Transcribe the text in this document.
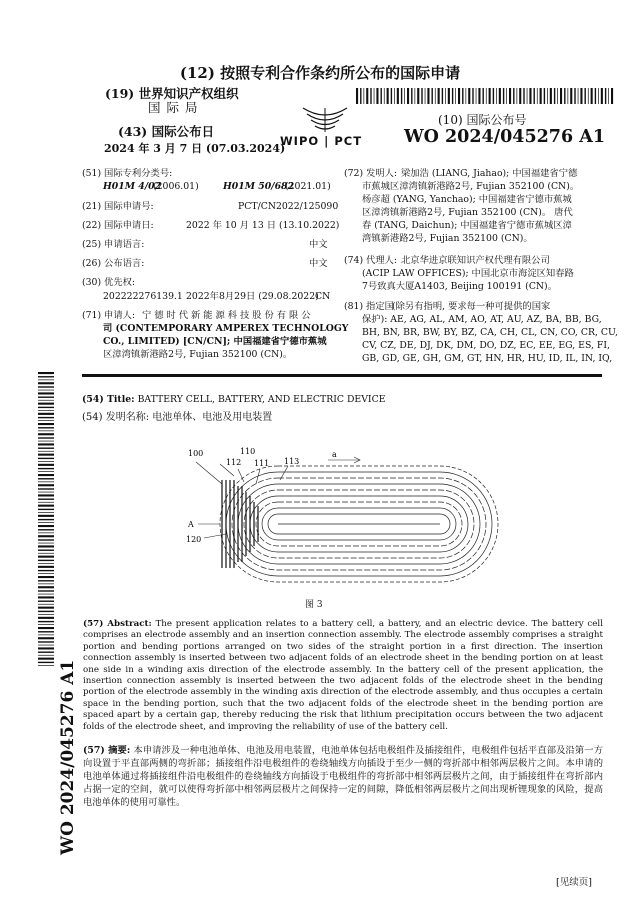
(12) 按照专利合作条约所公布的国际申请
(19) 世界知识产权组织
国 际 局
(43) 国际公布日
2024 年 3 月 7 日 (07.03.2024)
WIPO | PCT
(10) 国际公布号
WO 2024/045276 A1
(51) 国际专利分类号:
H01M 4/02
(2006.01)	H01M 50/682
(2021.01)
(21) 国际申请号:	PCT/CN2022/125090
(22) 国际申请日:	2022 年 10 月 13 日 (13.10.2022)
(25) 申请语言:	中文
(26) 公布语言:	中文
(30) 优先权:
202222276139.1 2022年8月29日 (29.08.2022)
CN
(71) 申请人: 宁 德 时 代 新 能 源 科 技 股 份 有 限 公
司 (CONTEMPORARY AMPEREX TECHNOLOGY
CO., LIMITED) [CN/CN]; 中国福建省宁德市蕉城
区漳湾镇新港路2号, Fujian 352100 (CN)。
(72) 发明人: 梁加浩 (LIANG, Jiahao); 中国福建省宁德
市蕉城区漳湾镇新港路2号, Fujian 352100 (CN)。
杨彦超 (YANG, Yanchao); 中国福建省宁德市蕉城
区漳湾镇新港路2号, Fujian 352100 (CN)。 唐代
春 (TANG, Daichun); 中国福建省宁德市蕉城区漳
湾镇新港路2号, Fujian 352100 (CN)。
(74) 代理人: 北京华进京联知识产权代理有限公司
(ACIP LAW OFFICES); 中国北京市海淀区知春路
7号致真大厦A1403, Beijing 100191 (CN)。
(81) 指定国
(除另有指明, 要求每一种可提供的国家
保护): AE, AG, AL, AM, AO, AT, AU, AZ, BA, BB, BG,
BH, BN, BR, BW, BY, BZ, CA, CH, CL, CN, CO, CR, CU,
CV, CZ, DE, DJ, DK, DM, DO, DZ, EC, EE, EG, ES, FI,
GB, GD, GE, GH, GM, GT, HN, HR, HU, ID, IL, IN, IQ,
(54) Title: BATTERY CELL, BATTERY, AND ELECTRIC DEVICE
(54) 发明名称: 电池单体、电池及用电装置
100	110
112 111 113
a
A
120
图 3
(57) Abstract: The present application relates to a battery cell, a battery, and an electric device. The battery cell comprises an electrode assembly and an insertion connection assembly. The electrode assembly comprises a straight portion and bending portions arranged on two sides of the straight portion in a first direction. The insertion connection assembly is inserted between two adjacent folds of an electrode sheet in the bending portion on at least one side in a winding axis direction of the electrode assembly. In the battery cell of the present application, the insertion connection assembly is inserted between the two adjacent folds of the electrode sheet in the bending portion of the electrode assembly in the winding axis direction of the electrode assembly, and thus occupies a certain space in the bending portion, such that the two adjacent folds of the electrode sheet in the bending portion are spaced apart by a certain gap, thereby reducing the risk that lithium precipitation occurs between the two adjacent folds of the electrode sheet, and improving the reliability of use of the battery cell.
(57) 摘要: 本申请涉及一种电池单体、电池及用电装置，电池单体包括电极组件及插接组件，电极组件包括平直部及沿第一方向设置于平直部两侧的弯折部；插接组件沿电极组件的卷绕轴线方向插设于至少一侧的弯折部中相邻两层极片之间。本申请的电池单体通过将插接组件沿电极组件的卷绕轴线方向插设于电极组件的弯折部中相邻两层极片之间，由于插接组件在弯折部内占据一定的空间，就可以使得弯折部中相邻两层极片之间保持一定的间隙，降低相邻两层极片之间出现析锂现象的风险，提高电池单体的使用可靠性。
WO 2024/045276 A1
[见续页]
